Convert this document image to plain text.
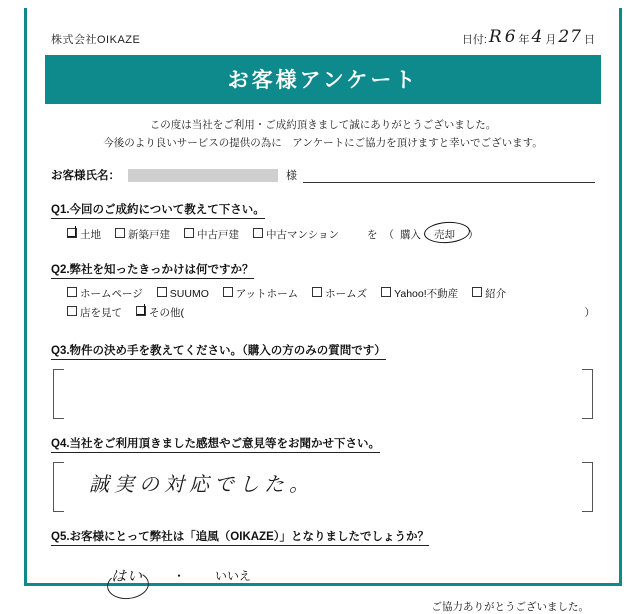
株式会社OIKAZE	日付: R 6 年 4 月 27 日
お客様アンケート
この度は当社をご利用・ご成約頂きまして誠にありがとうございました。
今後のより良いサービスの提供の為に　アンケートにご協力を頂けますと幸いでございます。
お客様氏名：	様
Q1.今回のご成約について教えて下さい。
土地	新築戸建	中古戸建	中古マンション	を （ 購入	売却	）
Q2.弊社を知ったきっかけは何ですか？
ホームページ	SUUMO	アットホーム	ホームズ	Yahoo!不動産	紹介
店を見て	その他(	）
Q3.物件の決め手を教えてください。（購入の方のみの質問です）
Q4.当社をご利用頂きました感想やご意見等をお聞かせ下さい。
誠実の対応でした。
Q5.お客様にとって弊社は「追風（OIKAZE）」となりましたでしょうか？
はい	・	いいえ
ご協力ありがとうございました。
